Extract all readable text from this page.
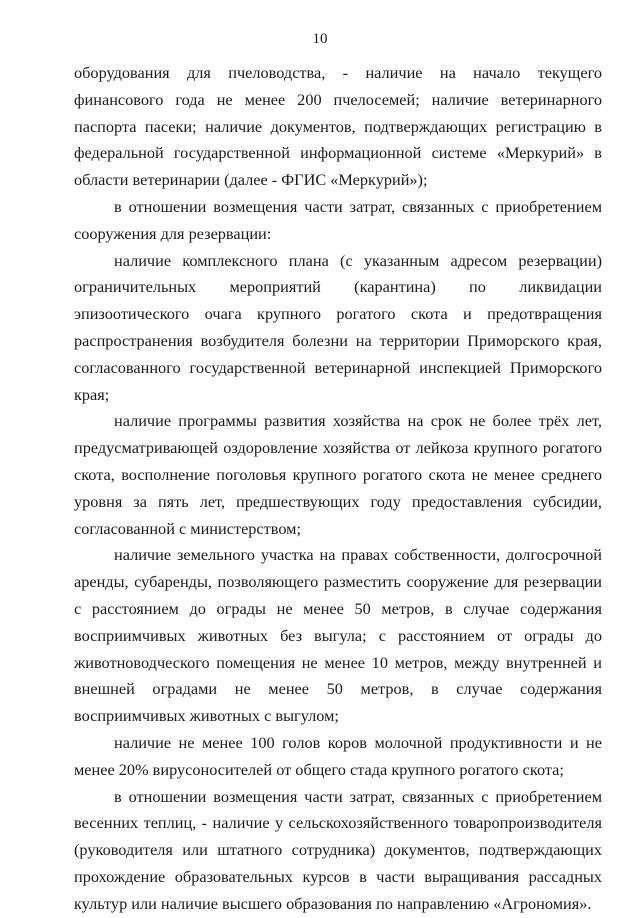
10

оборудования для пчеловодства, - наличие на начало текущего финансового года не менее 200 пчелосемей; наличие ветеринарного паспорта пасеки; наличие документов, подтверждающих регистрацию в федеральной государственной информационной системе «Меркурий» в области ветеринарии (далее - ФГИС «Меркурий»);

в отношении возмещения части затрат, связанных с приобретением сооружения для резервации:

наличие комплексного плана (с указанным адресом резервации) ограничительных мероприятий (карантина) по ликвидации эпизоотического очага крупного рогатого скота и предотвращения распространения возбудителя болезни на территории Приморского края, согласованного государственной ветеринарной инспекцией Приморского края;

наличие программы развития хозяйства на срок не более трёх лет, предусматривающей оздоровление хозяйства от лейкоза крупного рогатого скота, восполнение поголовья крупного рогатого скота не менее среднего уровня за пять лет, предшествующих году предоставления субсидии, согласованной с министерством;

наличие земельного участка на правах собственности, долгосрочной аренды, субаренды, позволяющего разместить сооружение для резервации с расстоянием до ограды не менее 50 метров, в случае содержания восприимчивых животных без выгула; с расстоянием от ограды до животноводческого помещения не менее 10 метров, между внутренней и внешней оградами не менее 50 метров, в случае содержания восприимчивых животных с выгулом;

наличие не менее 100 голов коров молочной продуктивности и не менее 20% вирусоносителей от общего стада крупного рогатого скота;

в отношении возмещения части затрат, связанных с приобретением весенних теплиц, - наличие у сельскохозяйственного товаропроизводителя (руководителя или штатного сотрудника) документов, подтверждающих прохождение образовательных курсов в части выращивания рассадных культур или наличие высшего образования по направлению «Агрономия».
